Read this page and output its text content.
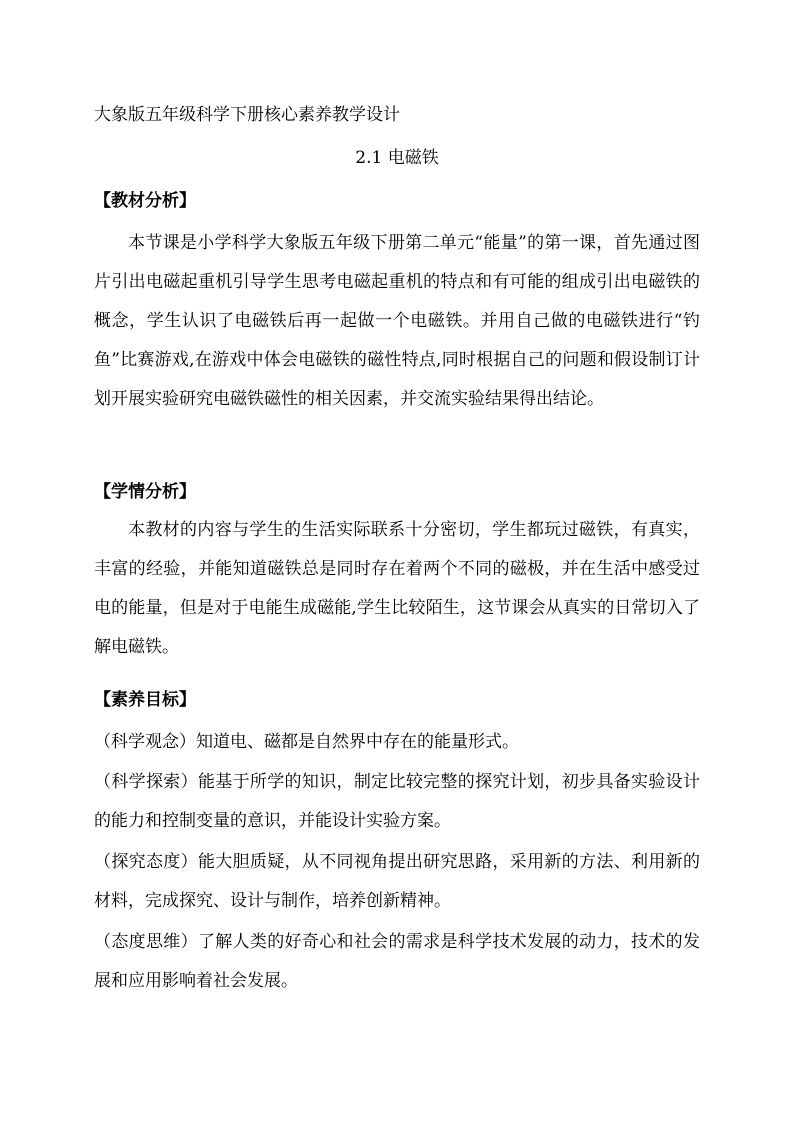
大象版五年级科学下册核心素养教学设计
2.1 电磁铁
【教材分析】

本节课是小学科学大象版五年级下册第二单元“能量”的第一课，首先通过图片引出电磁起重机引导学生思考电磁起重机的特点和有可能的组成引出电磁铁的概念，学生认识了电磁铁后再一起做一个电磁铁。并用自己做的电磁铁进行“钓鱼”比赛游戏,在游戏中体会电磁铁的磁性特点,同时根据自己的问题和假设制订计划开展实验研究电磁铁磁性的相关因素，并交流实验结果得出结论。

【学情分析】

本教材的内容与学生的生活实际联系十分密切，学生都玩过磁铁，有真实，丰富的经验，并能知道磁铁总是同时存在着两个不同的磁极，并在生活中感受过电的能量，但是对于电能生成磁能,学生比较陌生，这节课会从真实的日常切入了解电磁铁。

【素养目标】

（科学观念）知道电、磁都是自然界中存在的能量形式。

（科学探索）能基于所学的知识，制定比较完整的探究计划，初步具备实验设计的能力和控制变量的意识，并能设计实验方案。

（探究态度）能大胆质疑，从不同视角提出研究思路，采用新的方法、利用新的材料，完成探究、设计与制作，培养创新精神。

（态度思维）了解人类的好奇心和社会的需求是科学技术发展的动力，技术的发展和应用影响着社会发展。
